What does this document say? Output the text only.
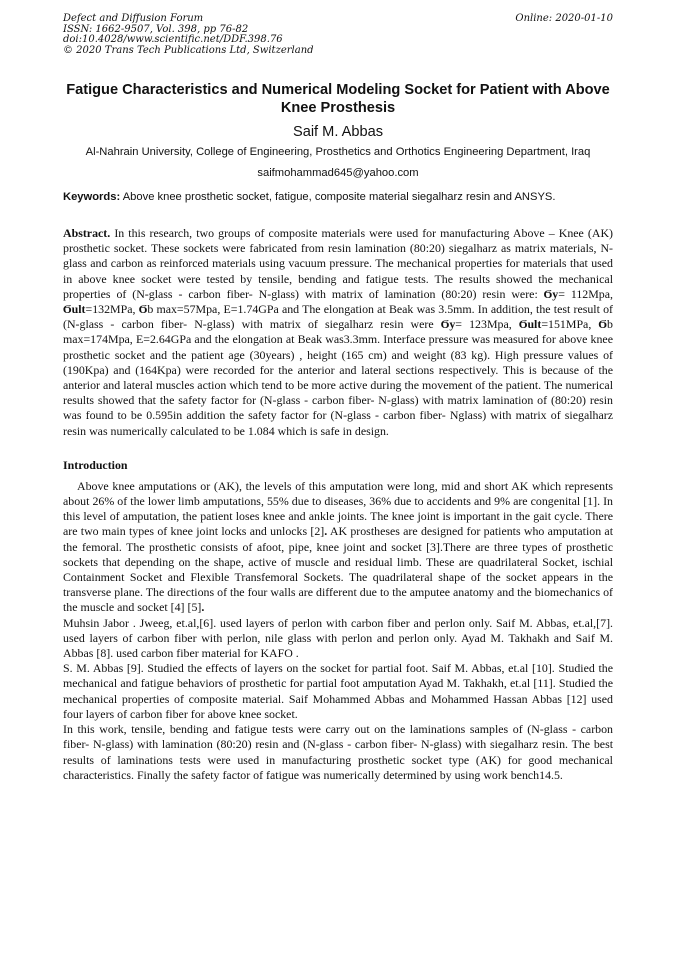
Defect and Diffusion Forum
ISSN: 1662-9507, Vol. 398, pp 76-82
doi:10.4028/www.scientific.net/DDF.398.76
© 2020 Trans Tech Publications Ltd, Switzerland
Online: 2020-01-10
Fatigue Characteristics and Numerical Modeling Socket for Patient with Above Knee Prosthesis
Saif M. Abbas
Al-Nahrain University, College of Engineering, Prosthetics and Orthotics Engineering Department, Iraq
saifmohammad645@yahoo.com
Keywords: Above knee prosthetic socket, fatigue, composite material siegalharz resin and ANSYS.
Abstract. In this research, two groups of composite materials were used for manufacturing Above – Knee (AK) prosthetic socket. These sockets were fabricated from resin lamination (80:20) siegalharz as matrix materials, N-glass and carbon as reinforced materials using vacuum pressure. The mechanical properties for materials that used in above knee socket were tested by tensile, bending and fatigue tests. The results showed the mechanical properties of (N-glass - carbon fiber- N-glass) with matrix of lamination (80:20) resin were: Ϭy= 112Mpa, Ϭult=132MPa, Ϭb max=57Mpa, E=1.74GPa and The elongation at Beak was 3.5mm. In addition, the test result of (N-glass - carbon fiber- N-glass) with matrix of siegalharz resin were Ϭy= 123Mpa, Ϭult=151MPa, Ϭb max=174Mpa, E=2.64GPa and the elongation at Beak was3.3mm. Interface pressure was measured for above knee prosthetic socket and the patient age (30years) , height (165 cm) and weight (83 kg). High pressure values of (190Kpa) and (164Kpa) were recorded for the anterior and lateral sections respectively. This is because of the anterior and lateral muscles action which tend to be more active during the movement of the patient. The numerical results showed that the safety factor for (N-glass - carbon fiber- N-glass) with matrix lamination of (80:20) resin was found to be 0.595in addition the safety factor for (N-glass - carbon fiber- Nglass) with matrix of siegalharz resin was numerically calculated to be 1.084 which is safe in design.
Introduction
Above knee amputations or (AK), the levels of this amputation were long, mid and short AK which represents about 26% of the lower limb amputations, 55% due to diseases, 36% due to accidents and 9% are congenital [1]. In this level of amputation, the patient loses knee and ankle joints. The knee joint is important in the gait cycle. There are two main types of knee joint locks and unlocks [2]. AK prostheses are designed for patients who amputation at the femoral. The prosthetic consists of afoot, pipe, knee joint and socket [3].There are three types of prosthetic sockets that depending on the shape, active of muscle and residual limb. These are quadrilateral Socket, ischial Containment Socket and Flexible Transfemoral Sockets. The quadrilateral shape of the socket appears in the transverse plane. The directions of the four walls are different due to the amputee anatomy and the biomechanics of the muscle and socket [4] [5].
Muhsin Jabor . Jweeg, et.al,[6]. used layers of perlon with carbon fiber and perlon only. Saif M. Abbas, et.al,[7]. used layers of carbon fiber with perlon, nile glass with perlon and perlon only. Ayad M. Takhakh and Saif M. Abbas [8]. used carbon fiber material for KAFO .
S. M. Abbas [9]. Studied the effects of layers on the socket for partial foot. Saif M. Abbas, et.al [10]. Studied the mechanical and fatigue behaviors of prosthetic for partial foot amputation Ayad M. Takhakh, et.al [11]. Studied the mechanical properties of composite material. Saif Mohammed Abbas and Mohammed Hassan Abbas [12] used four layers of carbon fiber for above knee socket.
In this work, tensile, bending and fatigue tests were carry out on the laminations samples of (N-glass - carbon fiber- N-glass) with lamination (80:20) resin and (N-glass - carbon fiber- N-glass) with siegalharz resin. The best results of laminations tests were used in manufacturing prosthetic socket type (AK) for good mechanical characteristics. Finally the safety factor of fatigue was numerically determined by using work bench14.5.
